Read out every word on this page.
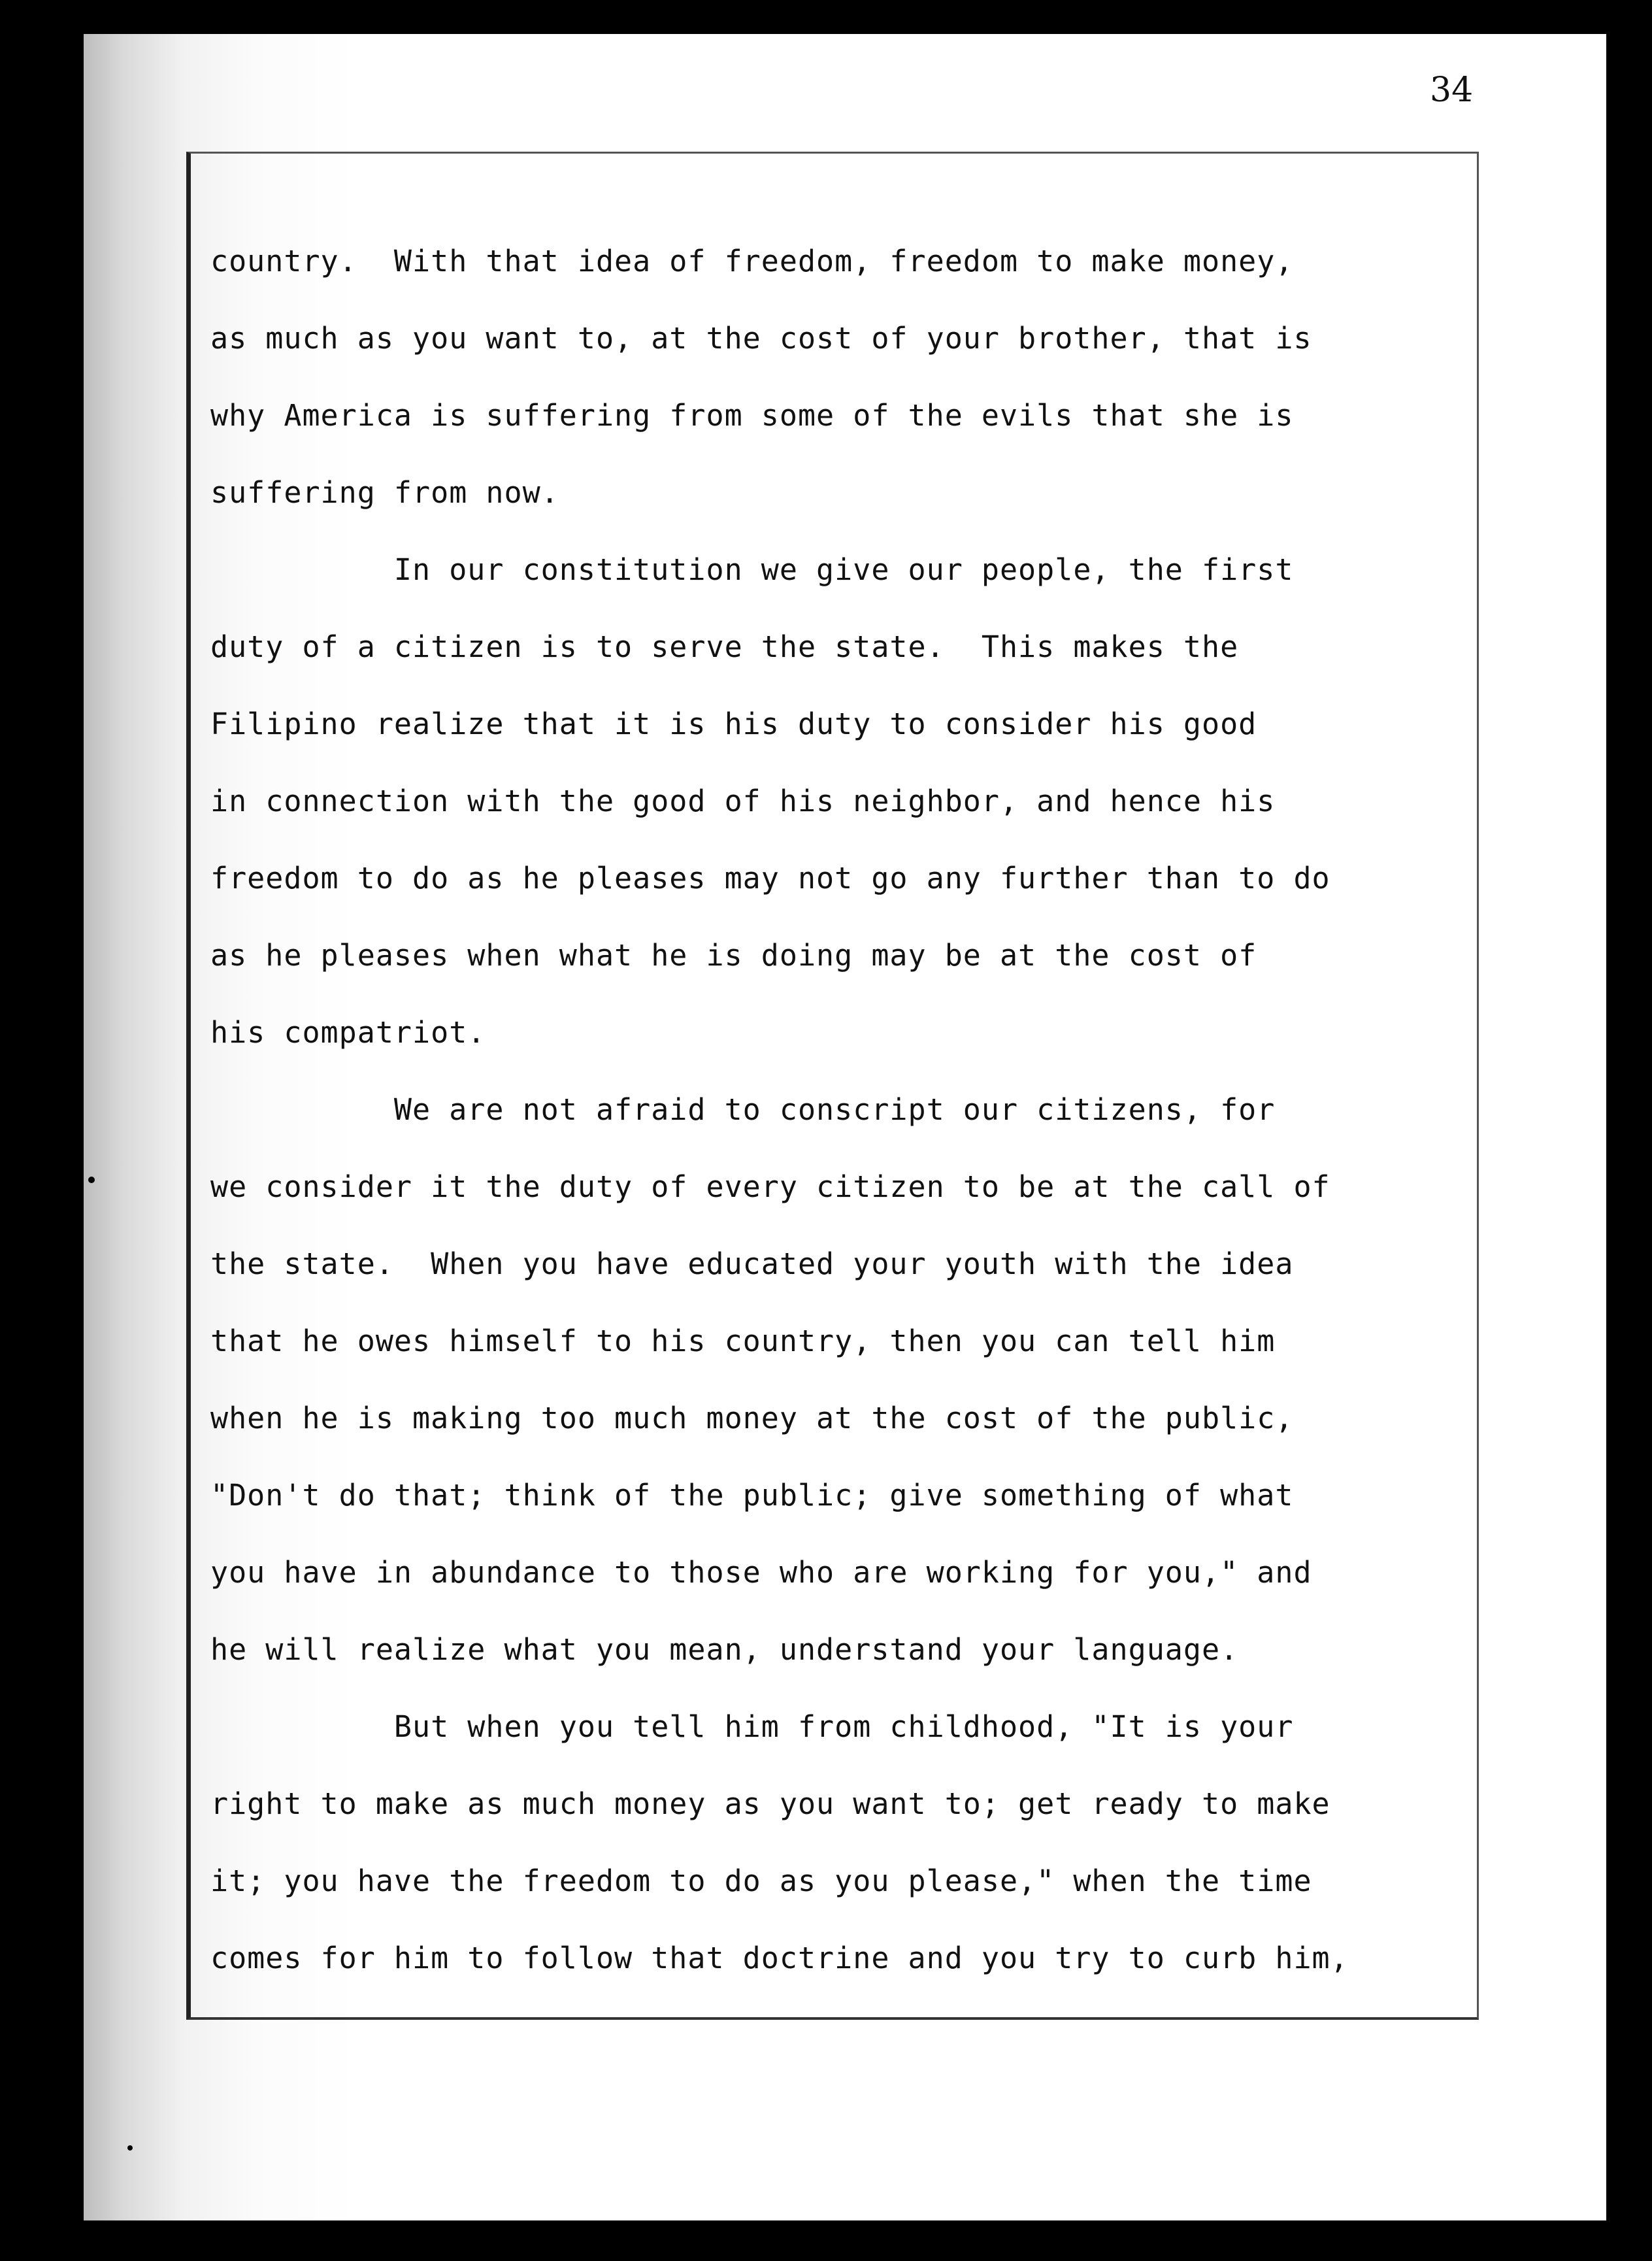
34
country.  With that idea of freedom, freedom to make money,
as much as you want to, at the cost of your brother, that is
why America is suffering from some of the evils that she is
suffering from now.
In our constitution we give our people, the first
duty of a citizen is to serve the state.  This makes the
Filipino realize that it is his duty to consider his good
in connection with the good of his neighbor, and hence his
freedom to do as he pleases may not go any further than to do
as he pleases when what he is doing may be at the cost of
his compatriot.
We are not afraid to conscript our citizens, for
we consider it the duty of every citizen to be at the call of
the state.  When you have educated your youth with the idea
that he owes himself to his country, then you can tell him
when he is making too much money at the cost of the public,
"Don't do that; think of the public; give something of what
you have in abundance to those who are working for you," and
he will realize what you mean, understand your language.
But when you tell him from childhood, "It is your
right to make as much money as you want to; get ready to make
it; you have the freedom to do as you please," when the time
comes for him to follow that doctrine and you try to curb him,
